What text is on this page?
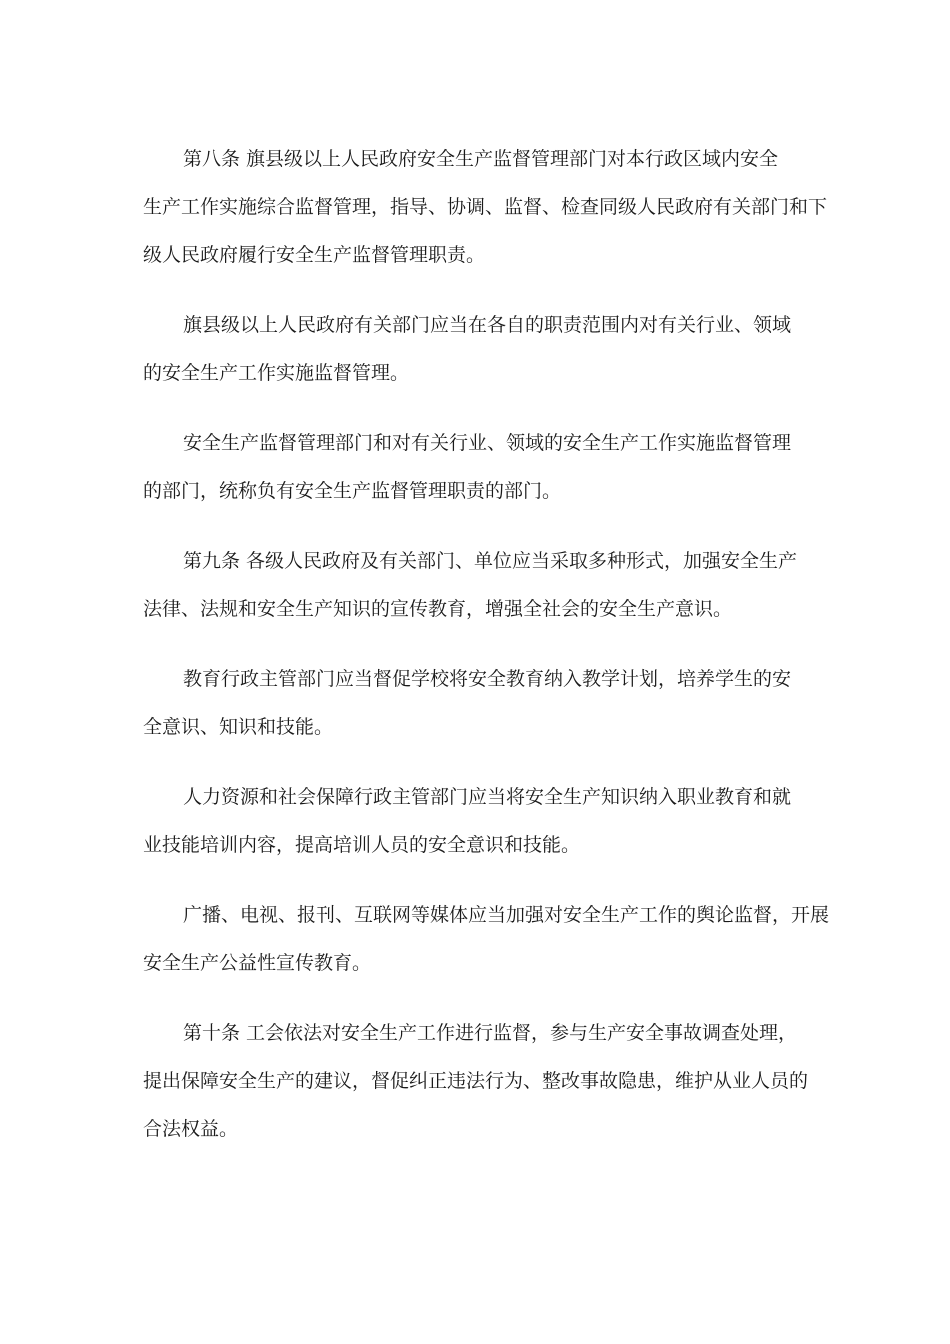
第八条 旗县级以上人民政府安全生产监督管理部门对本行政区域内安全
生产工作实施综合监督管理，指导、协调、监督、检查同级人民政府有关部门和下
级人民政府履行安全生产监督管理职责。
旗县级以上人民政府有关部门应当在各自的职责范围内对有关行业、领域
的安全生产工作实施监督管理。
安全生产监督管理部门和对有关行业、领域的安全生产工作实施监督管理
的部门，统称负有安全生产监督管理职责的部门。
第九条 各级人民政府及有关部门、单位应当采取多种形式，加强安全生产
法律、法规和安全生产知识的宣传教育，增强全社会的安全生产意识。
教育行政主管部门应当督促学校将安全教育纳入教学计划，培养学生的安
全意识、知识和技能。
人力资源和社会保障行政主管部门应当将安全生产知识纳入职业教育和就
业技能培训内容，提高培训人员的安全意识和技能。
广播、电视、报刊、互联网等媒体应当加强对安全生产工作的舆论监督，开展
安全生产公益性宣传教育。
第十条 工会依法对安全生产工作进行监督，参与生产安全事故调查处理，
提出保障安全生产的建议，督促纠正违法行为、整改事故隐患，维护从业人员的
合法权益。
